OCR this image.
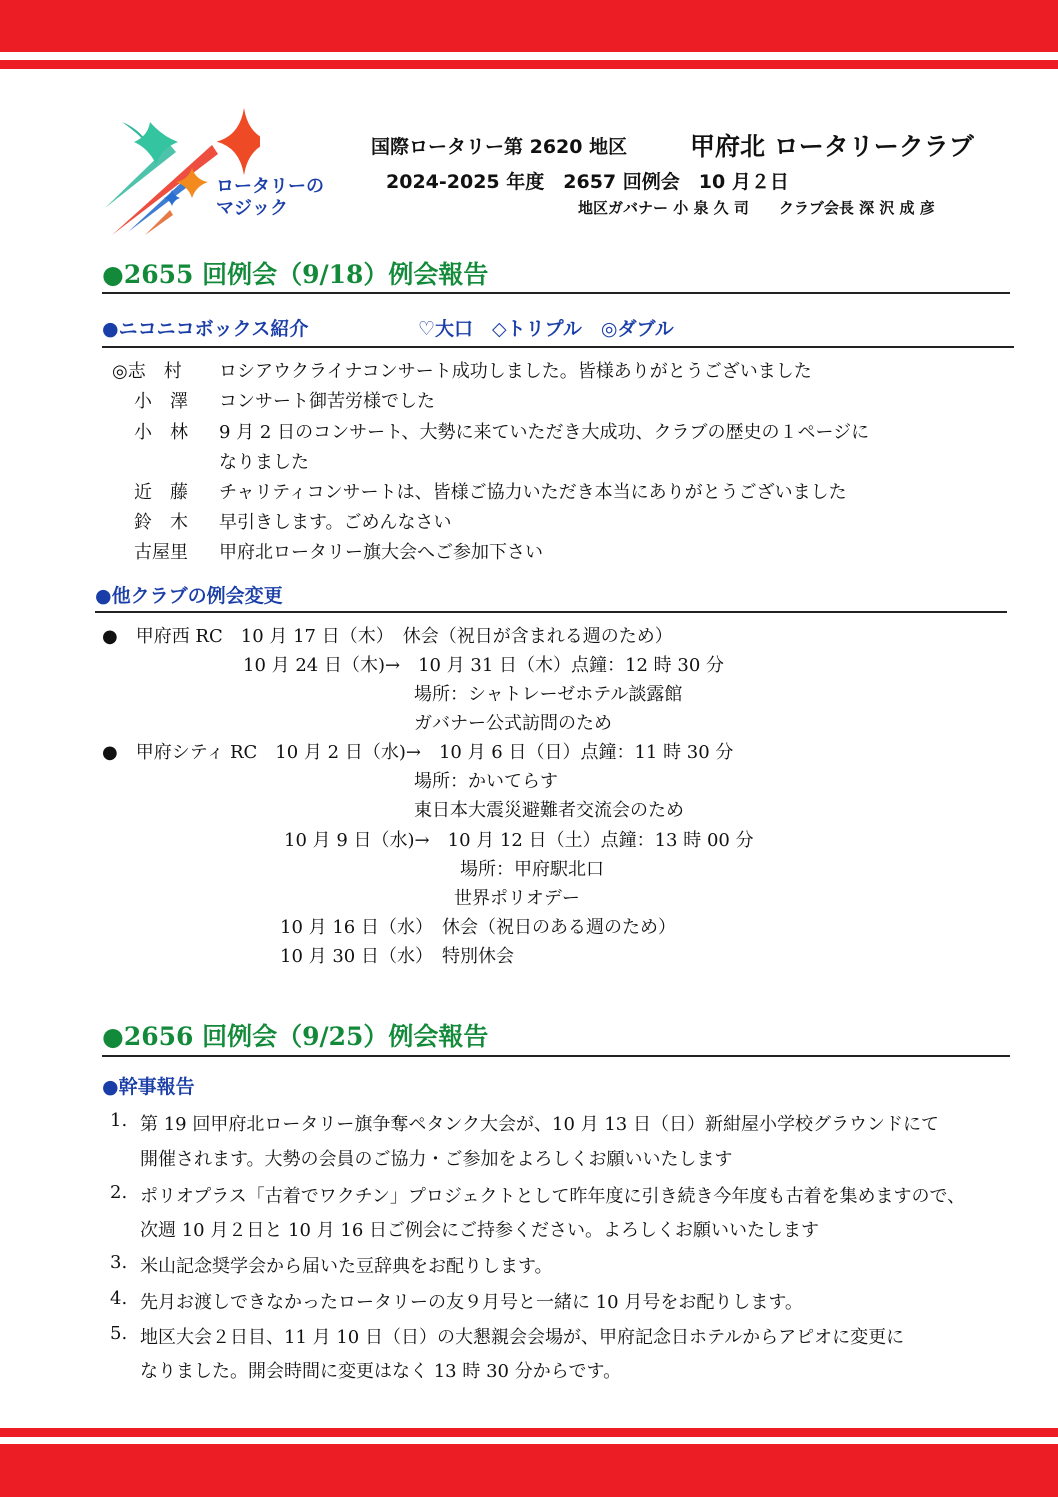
ロータリーの
マジック
国際ロータリー第 2620 地区	甲府北 ロータリークラブ
2024-2025 年度　2657 回例会　10 月２日
地区ガバナー 小 泉 久 司　　クラブ会長 深 沢 成 彦
●2655 回例会（9/18）例会報告
●ニコニコボックス紹介	♡大口　◇トリプル　◎ダブル
◎志　村 ロシアウクライナコンサート成功しました。皆様ありがとうございました
小　澤 コンサート御苦労様でした
小　林 9 月 2 日のコンサート、大勢に来ていただき大成功、クラブの歴史の１ページに
なりました
近　藤 チャリティコンサートは、皆様ご協力いただき本当にありがとうございました
鈴　木 早引きします。ごめんなさい
古屋里 甲府北ロータリー旗大会へご参加下さい
●他クラブの例会変更
●　甲府西 RC　10 月 17 日（木）　休会（祝日が含まれる週のため）
10 月 24 日（木)→　10 月 31 日（木）点鐘：12 時 30 分
場所：シャトレーゼホテル談露館
ガバナー公式訪問のため
●　甲府シティ RC　10 月 2 日（水)→　10 月 6 日（日）点鐘：11 時 30 分
場所：かいてらす
東日本大震災避難者交流会のため
10 月 9 日（水)→　10 月 12 日（土）点鐘：13 時 00 分
場所：甲府駅北口
世界ポリオデー
10 月 16 日（水）　休会（祝日のある週のため）
10 月 30 日（水）　特別休会
●2656 回例会（9/25）例会報告
●幹事報告
1. 第 19 回甲府北ロータリー旗争奪ペタンク大会が、10 月 13 日（日）新紺屋小学校グラウンドにて
開催されます。大勢の会員のご協力・ご参加をよろしくお願いいたします
2. ポリオプラス「古着でワクチン」プロジェクトとして昨年度に引き続き今年度も古着を集めますので、
次週 10 月２日と 10 月 16 日ご例会にご持参ください。よろしくお願いいたします
3. 米山記念奨学会から届いた豆辞典をお配りします。
4. 先月お渡しできなかったロータリーの友９月号と一緒に 10 月号をお配りします。
5. 地区大会２日目、11 月 10 日（日）の大懇親会会場が、甲府記念日ホテルからアピオに変更に
なりました。開会時間に変更はなく 13 時 30 分からです。
